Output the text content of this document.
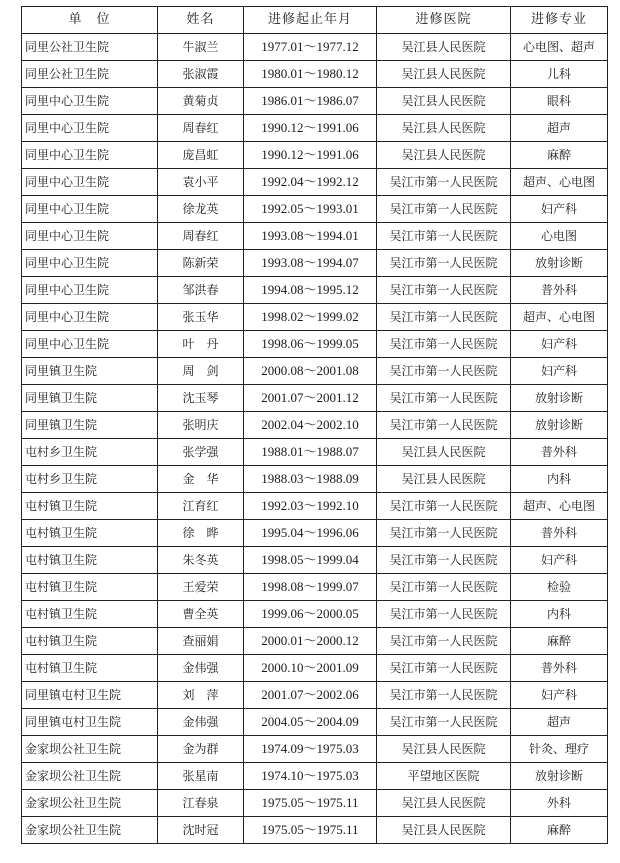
单　位	姓名	进修起止年月	进修医院	进修专业
同里公社卫生院	牛淑兰	1977.01～1977.12	吴江县人民医院	心电图、超声
同里公社卫生院	张淑霞	1980.01～1980.12	吴江县人民医院	儿科
同里中心卫生院	黄菊贞	1986.01～1986.07	吴江县人民医院	眼科
同里中心卫生院	周春红	1990.12～1991.06	吴江县人民医院	超声
同里中心卫生院	庞昌虹	1990.12～1991.06	吴江县人民医院	麻醉
同里中心卫生院	袁小平	1992.04～1992.12	吴江市第一人民医院	超声、心电图
同里中心卫生院	徐龙英	1992.05～1993.01	吴江市第一人民医院	妇产科
同里中心卫生院	周春红	1993.08～1994.01	吴江市第一人民医院	心电图
同里中心卫生院	陈新荣	1993.08～1994.07	吴江市第一人民医院	放射诊断
同里中心卫生院	邹洪春	1994.08～1995.12	吴江市第一人民医院	普外科
同里中心卫生院	张玉华	1998.02～1999.02	吴江市第一人民医院	超声、心电图
同里中心卫生院	叶　丹	1998.06～1999.05	吴江市第一人民医院	妇产科
同里镇卫生院	周　剑	2000.08～2001.08	吴江市第一人民医院	妇产科
同里镇卫生院	沈玉琴	2001.07～2001.12	吴江市第一人民医院	放射诊断
同里镇卫生院	张明庆	2002.04～2002.10	吴江市第一人民医院	放射诊断
屯村乡卫生院	张学强	1988.01～1988.07	吴江县人民医院	普外科
屯村乡卫生院	金　华	1988.03～1988.09	吴江县人民医院	内科
屯村镇卫生院	江育红	1992.03～1992.10	吴江市第一人民医院	超声、心电图
屯村镇卫生院	徐　晔	1995.04～1996.06	吴江市第一人民医院	普外科
屯村镇卫生院	朱冬英	1998.05～1999.04	吴江市第一人民医院	妇产科
屯村镇卫生院	王爱荣	1998.08～1999.07	吴江市第一人民医院	检验
屯村镇卫生院	曹全英	1999.06～2000.05	吴江市第一人民医院	内科
屯村镇卫生院	查丽娟	2000.01～2000.12	吴江市第一人民医院	麻醉
屯村镇卫生院	金伟强	2000.10～2001.09	吴江市第一人民医院	普外科
同里镇屯村卫生院	刘　萍	2001.07～2002.06	吴江市第一人民医院	妇产科
同里镇屯村卫生院	金伟强	2004.05～2004.09	吴江市第一人民医院	超声
金家坝公社卫生院	金为群	1974.09～1975.03	吴江县人民医院	针灸、理疗
金家坝公社卫生院	张星南	1974.10～1975.03	平望地区医院	放射诊断
金家坝公社卫生院	江春泉	1975.05～1975.11	吴江县人民医院	外科
金家坝公社卫生院	沈时冠	1975.05～1975.11	吴江县人民医院	麻醉
